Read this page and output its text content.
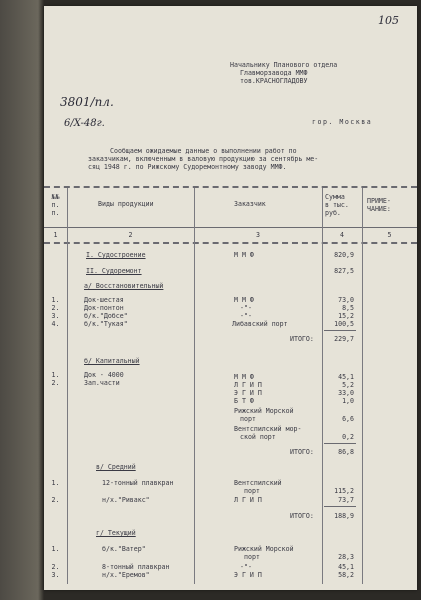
105
Начальнику Планового отдела
Главморзавода ММФ
тов.КРАСНОГЛАДОВУ
3801/пл.
6/X-48г.	гор. Москва
Сообщаем ожидаемые данные о выполнении работ по
заказчикам, включенным в валовую продукцию за сентябрь ме-
сяц 1948 г. по Рижскому Судоремонтному заводу ММФ.
№№
п.
п.
Виды продукции	Заказчик
Сумма
в тыс.
руб.
ПРИМЕ-
ЧАНИЕ:
1	2	3	4	5
I. Судостроение	М М Ф	820,9
II. Судоремонт	827,5
а/ Восстановительный
1.	Док-шестая	М М Ф	73,0
2.	Док-понтон	-"-	8,5
3.	б/к."Добсе"	-"-	15,2
4.	б/к."Тукая"	Либавский порт	100,5
ИТОГО:	229,7
б/ Капитальный
1.	Док - 4000	М М Ф	45,1
2.	Зап.части	Л Г И П	5,2
Э Г И П	33,0
Б Т Ф	1,0
Рижский Морской
порт	6,6
Вентспилский мор-
ской порт	0,2
ИТОГО:	86,8
в/ Средний
1.	12-тонный плавкран	Вентспилский
порт	115,2
2.	н/х."Ривакс"	Л Г И П	73,7
ИТОГО:	188,9
г/ Текущий
1.	б/к."Ватер"	Рижский Морской
порт	28,3
2.	8-тонный плавкран	-"-	45,1
3.	н/х."Еремов"	Э Г И П	58,2
